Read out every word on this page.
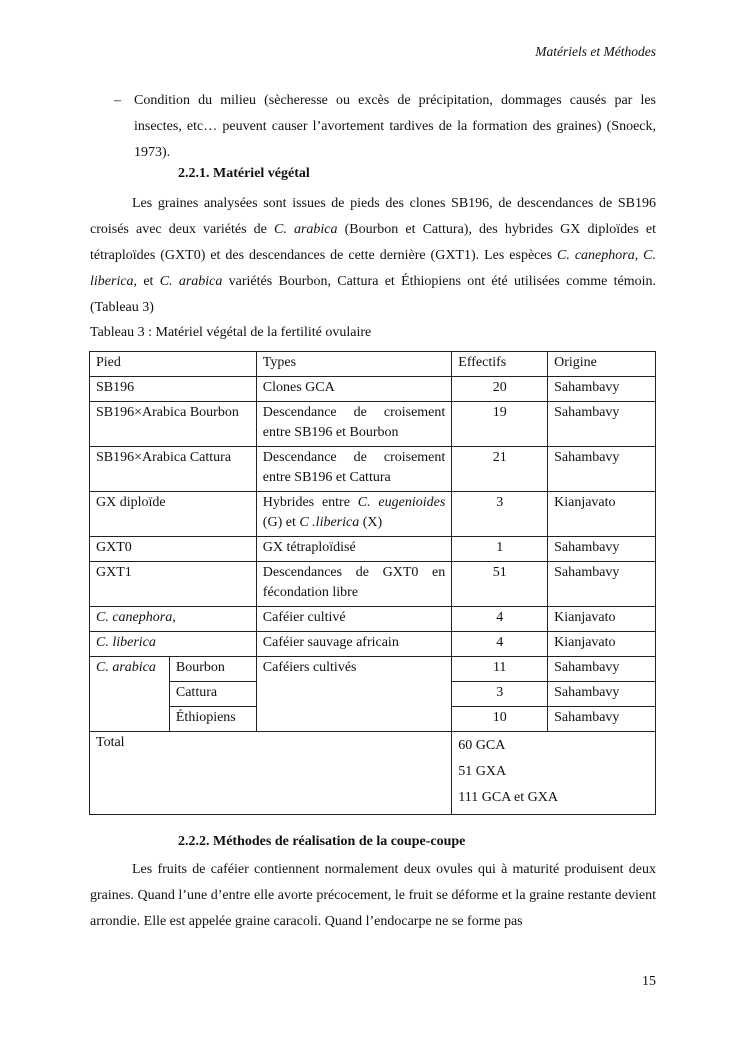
Matériels et Méthodes
– Condition du milieu (sècheresse ou excès de précipitation, dommages causés par les insectes, etc… peuvent causer l’avortement tardives de la formation des graines) (Snoeck, 1973).
2.2.1. Matériel végétal
Les graines analysées sont issues de pieds des clones SB196, de descendances de SB196 croisés avec deux variétés de C. arabica (Bourbon et Cattura), des hybrides GX diploïdes et tétraploïdes (GXT0) et des descendances de cette dernière (GXT1). Les espèces C. canephora, C. liberica, et C. arabica variétés Bourbon, Cattura et Éthiopiens ont été utilisées comme témoin. (Tableau 3)
Tableau 3 : Matériel végétal de la fertilité ovulaire
Pied		Types	Effectifs	Origine
SB196		Clones GCA	20	Sahambavy
SB196×Arabica Bourbon		Descendance de croisement entre SB196 et Bourbon	19	Sahambavy
SB196×Arabica Cattura		Descendance de croisement entre SB196 et Cattura	21	Sahambavy
GX diploïde		Hybrides entre C. eugenioides (G) et C .liberica (X)	3	Kianjavato
GXT0		GX tétraploïdisé	1	Sahambavy
GXT1		Descendances de GXT0 en fécondation libre	51	Sahambavy
C. canephora,		Caféier cultivé	4	Kianjavato
C. liberica		Caféier sauvage africain	4	Kianjavato
C. arabica	Bourbon	Caféiers cultivés	11	Sahambavy
	Cattura		3	Sahambavy
	Éthiopiens		10	Sahambavy
Total			60 GCA
51 GXA
111 GCA et GXA	
2.2.2. Méthodes de réalisation de la coupe-coupe
Les fruits de caféier contiennent normalement deux ovules qui à maturité produisent deux graines. Quand l’une d’entre elle avorte précocement, le fruit se déforme et la graine restante devient arrondie. Elle est appelée graine caracoli. Quand l’endocarpe ne se forme pas
15
